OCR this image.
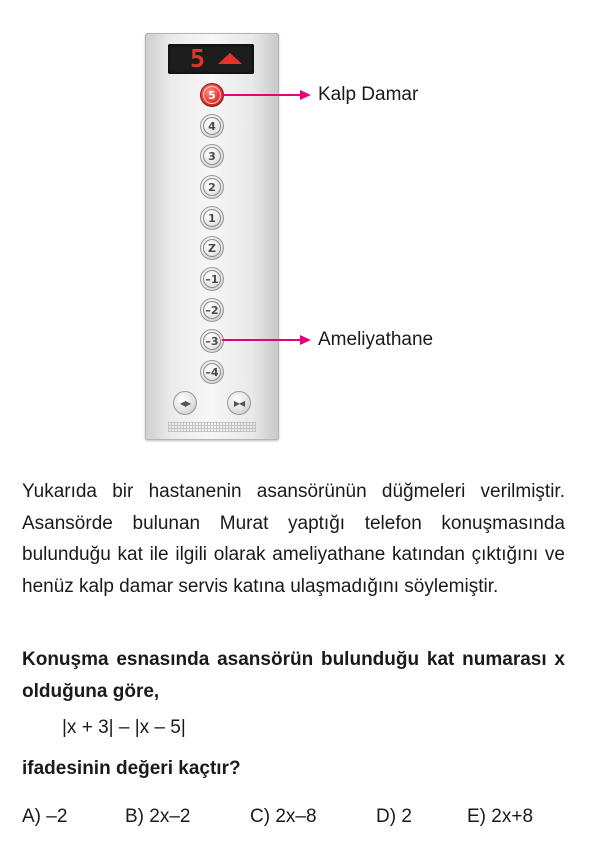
5
5
4
3
2
1
Z
–1
–2
–3
–4
◀▶	▶◀
Kalp Damar
Ameliyathane

Yukarıda bir hastanenin asansörünün düğmeleri verilmiştir. Asansörde bulunan Murat yaptığı telefon konuşmasında bulunduğu kat ile ilgili olarak ameliyathane katından çıktığını ve henüz kalp damar servis katına ulaşmadığını söylemiştir.

Konuşma esnasında asansörün bulunduğu kat numarası x olduğuna göre,

|x + 3| – |x – 5|
ifadesinin değeri kaçtır?
A) –2	B) 2x–2	C) 2x–8	D) 2	E) 2x+8
